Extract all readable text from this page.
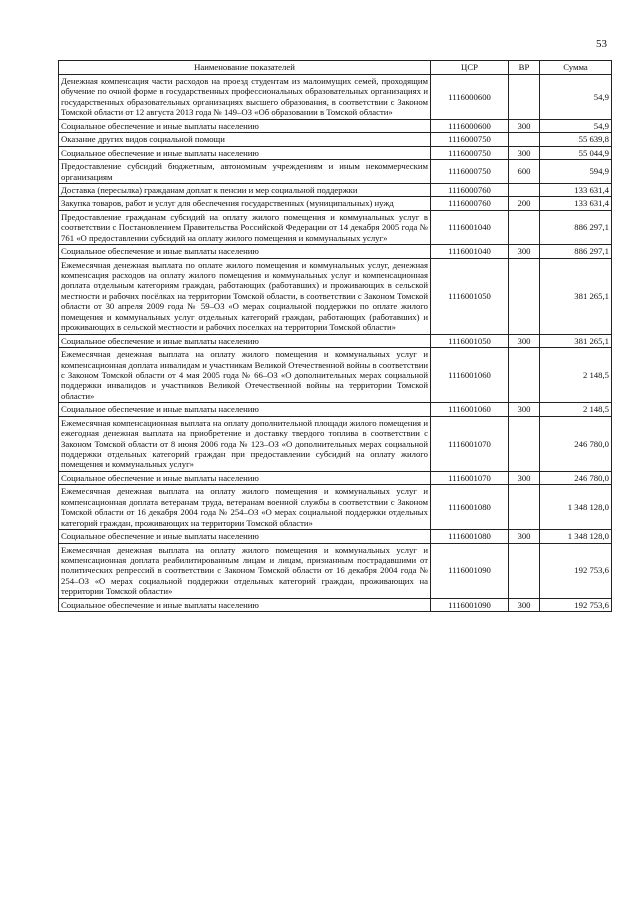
53
Наименование показателей	ЦСР	ВР	Сумма
Денежная компенсация части расходов на проезд студентам из малоимущих семей, проходящим обучение по очной форме в государственных профессиональных образовательных организациях и государственных образовательных организациях высшего образования, в соответствии с Законом Томской области от 12 августа 2013 года № 149–ОЗ «Об образовании в Томской области»	1116000600		54,9
Социальное обеспечение и иные выплаты населению	1116000600	300	54,9
Оказание других видов социальной помощи	1116000750		55 639,8
Социальное обеспечение и иные выплаты населению	1116000750	300	55 044,9
Предоставление субсидий бюджетным, автономным учреждениям и иным некоммерческим организациям	1116000750	600	594,9
Доставка (пересылка) гражданам доплат к пенсии и мер социальной поддержки	1116000760		133 631,4
Закупка товаров, работ и услуг для обеспечения государственных (муниципальных) нужд	1116000760	200	133 631,4
Предоставление гражданам субсидий на оплату жилого помещения и коммунальных услуг в соответствии с Постановлением Правительства Российской Федерации от 14 декабря 2005 года № 761 «О предоставлении субсидий на оплату жилого помещения и коммунальных услуг»	1116001040		886 297,1
Социальное обеспечение и иные выплаты населению	1116001040	300	886 297,1
Ежемесячная денежная выплата по оплате жилого помещения и коммунальных услуг, денежная компенсация расходов на оплату жилого помещения и коммунальных услуг и компенсационная доплата отдельным категориям граждан, работающих (работавших) и проживающих в сельской местности и рабочих посёлках на территории Томской области, в соответствии с Законом Томской области от 30 апреля 2009 года № 59–ОЗ «О мерах социальной поддержки по оплате жилого помещения и коммунальных услуг отдельных категорий граждан, работающих (работавших) и проживающих в сельской местности и рабочих поселках на территории Томской области»	1116001050		381 265,1
Социальное обеспечение и иные выплаты населению	1116001050	300	381 265,1
Ежемесячная денежная выплата на оплату жилого помещения и коммунальных услуг и компенсационная доплата инвалидам и участникам Великой Отечественной войны в соответствии с Законом Томской области от 4 мая 2005 года № 66–ОЗ «О дополнительных мерах социальной поддержки инвалидов и участников Великой Отечественной войны на территории Томской области»	1116001060		2 148,5
Социальное обеспечение и иные выплаты населению	1116001060	300	2 148,5
Ежемесячная компенсационная выплата на оплату дополнительной площади жилого помещения и ежегодная денежная выплата на приобретение и доставку твердого топлива в соответствии с Законом Томской области от 8 июня 2006 года № 123–ОЗ «О дополнительных мерах социальной поддержки отдельных категорий граждан при предоставлении субсидий на оплату жилого помещения и коммунальных услуг»	1116001070		246 780,0
Социальное обеспечение и иные выплаты населению	1116001070	300	246 780,0
Ежемесячная денежная выплата на оплату жилого помещения и коммунальных услуг и компенсационная доплата ветеранам труда, ветеранам военной службы в соответствии с Законом Томской области от 16 декабря 2004 года № 254–ОЗ «О мерах социальной поддержки отдельных категорий граждан, проживающих на территории Томской области»	1116001080		1 348 128,0
Социальное обеспечение и иные выплаты населению	1116001080	300	1 348 128,0
Ежемесячная денежная выплата на оплату жилого помещения и коммунальных услуг и компенсационная доплата реабилитированным лицам и лицам, признанным пострадавшими от политических репрессий в соответствии с Законом Томской области от 16 декабря 2004 года № 254–ОЗ «О мерах социальной поддержки отдельных категорий граждан, проживающих на территории Томской области»	1116001090		192 753,6
Социальное обеспечение и иные выплаты населению	1116001090	300	192 753,6
